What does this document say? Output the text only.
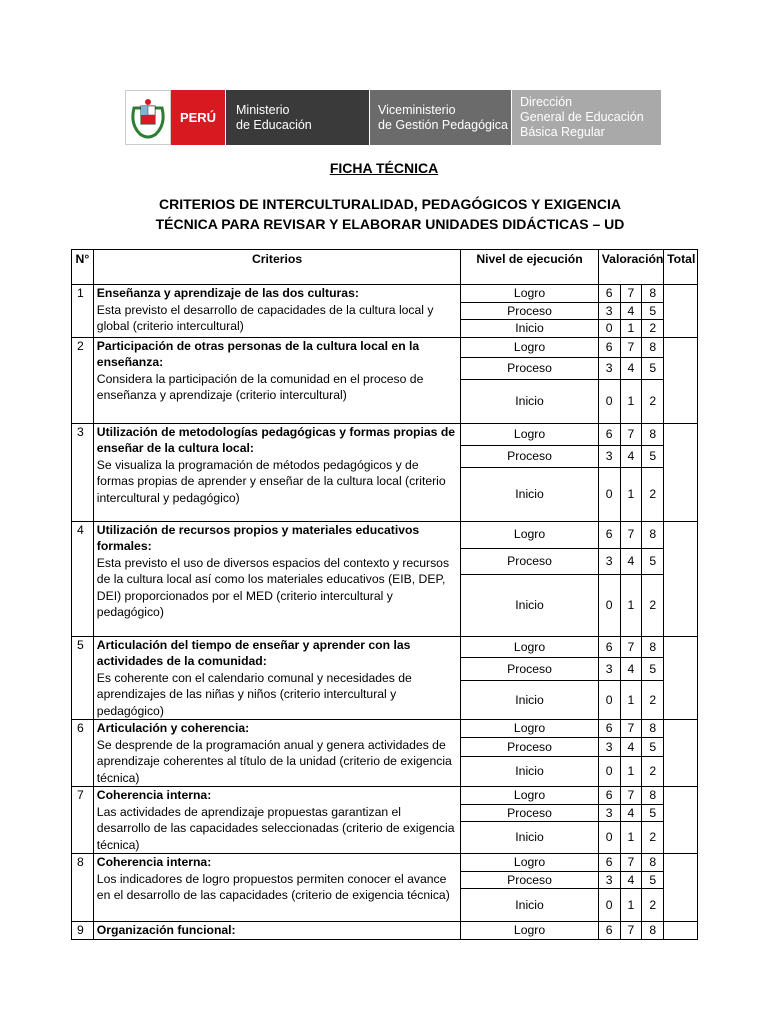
PERÚ
Ministerio
de Educación
Viceministerio
de Gestión Pedagógica
Dirección
General de Educación
Básica Regular
FICHA TÉCNICA
CRITERIOS DE INTERCULTURALIDAD, PEDAGÓGICOS Y EXIGENCIA
TÉCNICA PARA REVISAR Y ELABORAR UNIDADES DIDÁCTICAS – UD
N°	Criterios	Nivel de ejecución	Valoración			Total
1	Enseñanza y aprendizaje de las dos culturas:
Esta previsto el desarrollo de capacidades de la cultura local y global (criterio intercultural)	Logro	6	7	8	
		Proceso	3	4	5	
		Inicio	0	1	2	
2	Participación de otras personas de la cultura local en la enseñanza:
Considera la participación de la comunidad en el proceso de enseñanza y aprendizaje (criterio intercultural)	Logro	6	7	8	
		Proceso	3	4	5	
		Inicio	0	1	2	
3	Utilización de metodologías pedagógicas y formas propias de enseñar de la cultura local:
Se visualiza la programación de métodos pedagógicos y de formas propias de aprender y enseñar de la cultura local (criterio intercultural y pedagógico)	Logro	6	7	8	
		Proceso	3	4	5	
		Inicio	0	1	2	
4	Utilización de recursos propios y materiales educativos formales:
Esta previsto el uso de diversos espacios del contexto y recursos de la cultura local así como los materiales educativos (EIB, DEP, DEI) proporcionados por el MED (criterio intercultural y pedagógico)	Logro	6	7	8	
		Proceso	3	4	5	
		Inicio	0	1	2	
5	Articulación del tiempo de enseñar y aprender con las actividades de la comunidad:
Es coherente con el calendario comunal y necesidades de aprendizajes de las niñas y niños (criterio intercultural y pedagógico)	Logro	6	7	8	
		Proceso	3	4	5	
		Inicio	0	1	2	
6	Articulación y coherencia:
Se desprende de la programación anual y genera actividades de aprendizaje coherentes al título de la unidad (criterio de exigencia técnica)	Logro	6	7	8	
		Proceso	3	4	5	
		Inicio	0	1	2	
7	Coherencia interna:
Las actividades de aprendizaje propuestas garantizan el desarrollo de las capacidades seleccionadas (criterio de exigencia técnica)	Logro	6	7	8	
		Proceso	3	4	5	
		Inicio	0	1	2	
8	Coherencia interna:
Los indicadores de logro propuestos permiten conocer el avance en el desarrollo de las capacidades (criterio de exigencia técnica)	Logro	6	7	8	
		Proceso	3	4	5	
		Inicio	0	1	2	
9	Organización funcional:	Logro	6	7	8	
